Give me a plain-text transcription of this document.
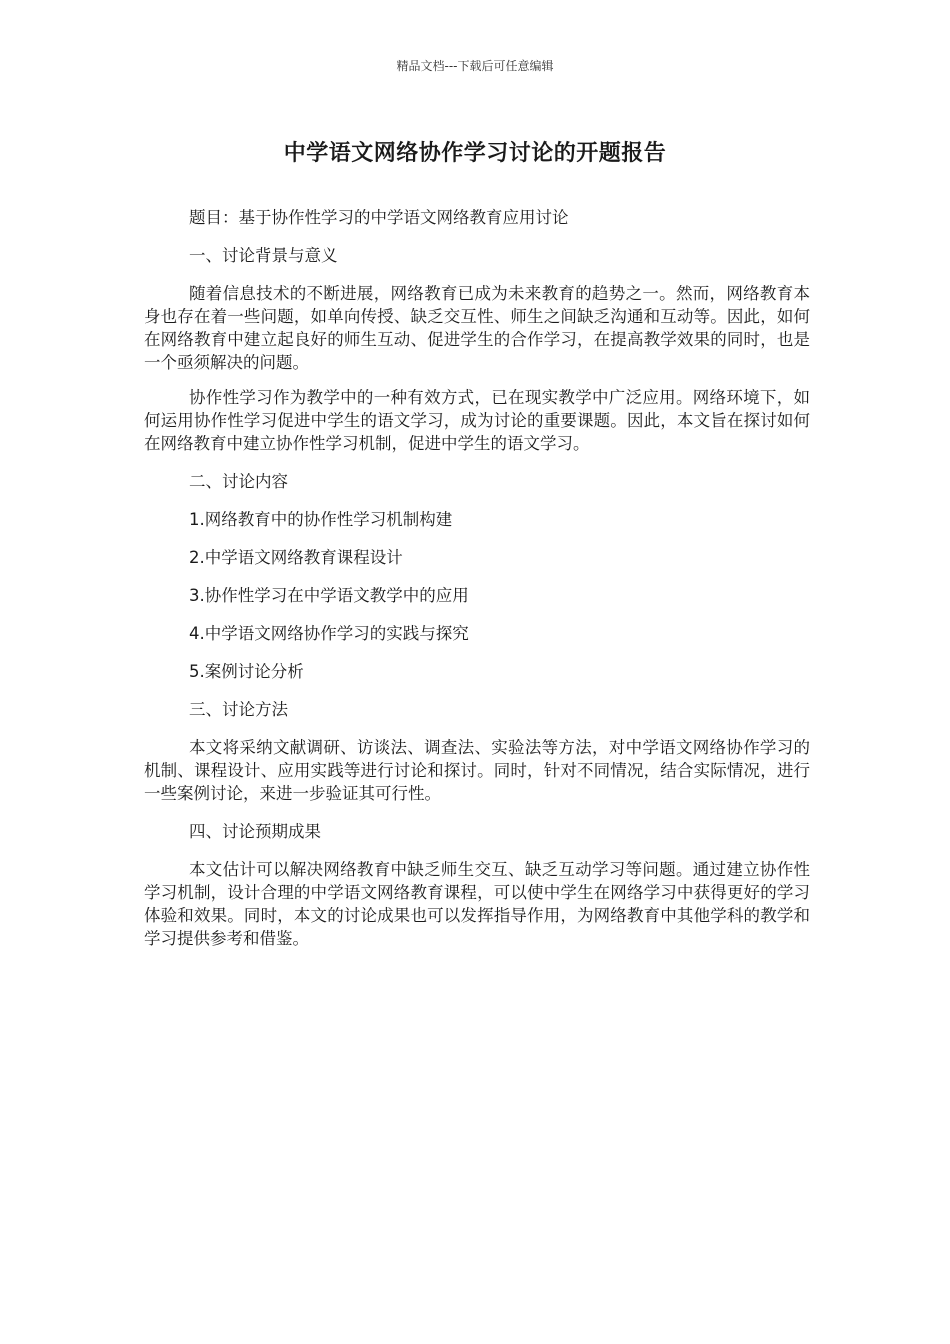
精品文档---下载后可任意编辑
中学语文网络协作学习讨论的开题报告

题目：基于协作性学习的中学语文网络教育应用讨论

一、讨论背景与意义

随着信息技术的不断进展，网络教育已成为未来教育的趋势之一。然而，网络教育本身也存在着一些问题，如单向传授、缺乏交互性、师生之间缺乏沟通和互动等。因此，如何在网络教育中建立起良好的师生互动、促进学生的合作学习，在提高教学效果的同时，也是一个亟须解决的问题。

协作性学习作为教学中的一种有效方式，已在现实教学中广泛应用。网络环境下，如何运用协作性学习促进中学生的语文学习，成为讨论的重要课题。因此，本文旨在探讨如何在网络教育中建立协作性学习机制，促进中学生的语文学习。

二、讨论内容

1.网络教育中的协作性学习机制构建

2.中学语文网络教育课程设计

3.协作性学习在中学语文教学中的应用

4.中学语文网络协作学习的实践与探究

5.案例讨论分析

三、讨论方法

本文将采纳文献调研、访谈法、调查法、实验法等方法，对中学语文网络协作学习的机制、课程设计、应用实践等进行讨论和探讨。同时，针对不同情况，结合实际情况，进行一些案例讨论，来进一步验证其可行性。

四、讨论预期成果

本文估计可以解决网络教育中缺乏师生交互、缺乏互动学习等问题。通过建立协作性学习机制，设计合理的中学语文网络教育课程，可以使中学生在网络学习中获得更好的学习体验和效果。同时，本文的讨论成果也可以发挥指导作用，为网络教育中其他学科的教学和学习提供参考和借鉴。
